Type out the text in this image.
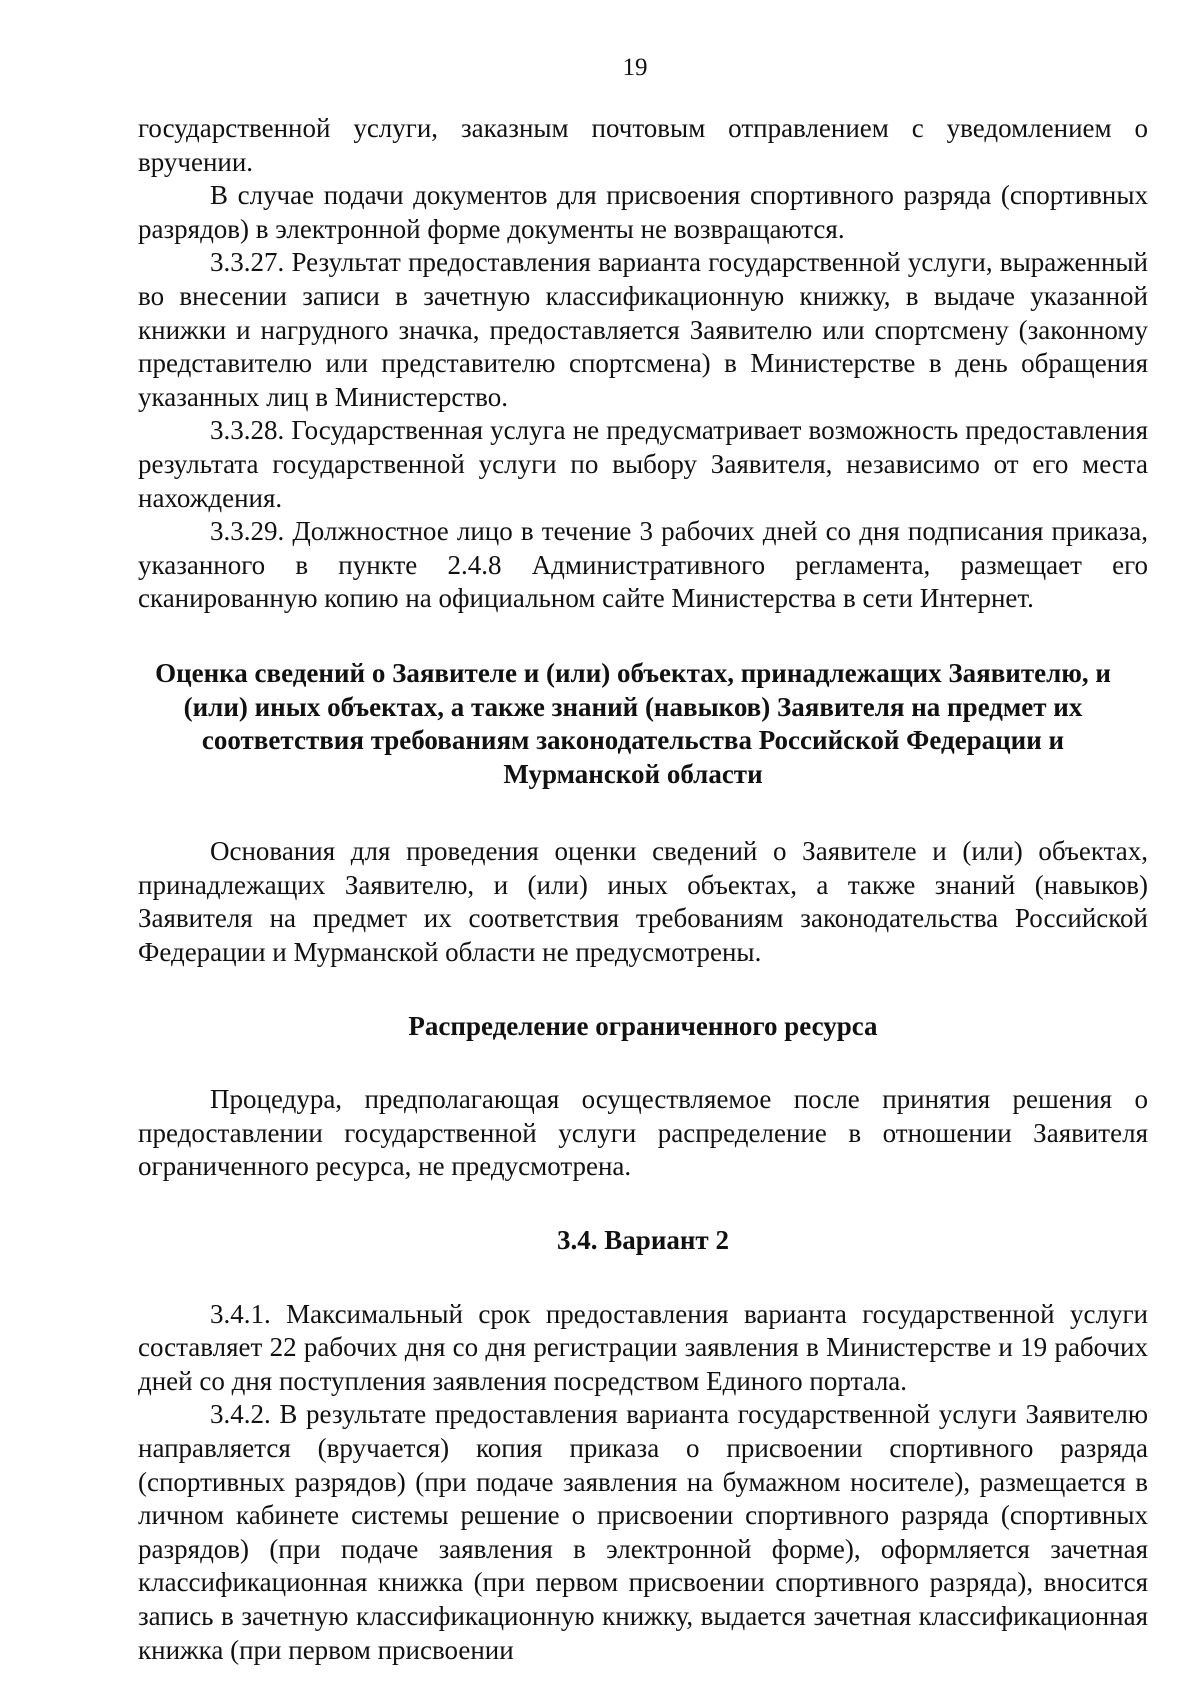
19

государственной услуги, заказным почтовым отправлением с уведомлением о вручении.

В случае подачи документов для присвоения спортивного разряда (спортивных разрядов) в электронной форме документы не возвращаются.

3.3.27. Результат предоставления варианта государственной услуги, выраженный во внесении записи в зачетную классификационную книжку, в выдаче указанной книжки и нагрудного значка, предоставляется Заявителю или спортсмену (законному представителю или представителю спортсмена) в Министерстве в день обращения указанных лиц в Министерство.

3.3.28. Государственная услуга не предусматривает возможность предоставления результата государственной услуги по выбору Заявителя, независимо от его места нахождения.

3.3.29. Должностное лицо в течение 3 рабочих дней со дня подписания приказа, указанного в пункте 2.4.8 Административного регламента, размещает его сканированную копию на официальном сайте Министерства в сети Интернет.

Оценка сведений о Заявителе и (или) объектах, принадлежащих Заявителю, и (или) иных объектах, а также знаний (навыков) Заявителя на предмет их соответствия требованиям законодательства Российской Федерации и Мурманской области

Основания для проведения оценки сведений о Заявителе и (или) объектах, принадлежащих Заявителю, и (или) иных объектах, а также знаний (навыков) Заявителя на предмет их соответствия требованиям законодательства Российской Федерации и Мурманской области не предусмотрены.

Распределение ограниченного ресурса

Процедура, предполагающая осуществляемое после принятия решения о предоставлении государственной услуги распределение в отношении Заявителя ограниченного ресурса, не предусмотрена.

3.4. Вариант 2

3.4.1. Максимальный срок предоставления варианта государственной услуги составляет 22 рабочих дня со дня регистрации заявления в Министерстве и 19 рабочих дней со дня поступления заявления посредством Единого портала.

3.4.2. В результате предоставления варианта государственной услуги Заявителю направляется (вручается) копия приказа о присвоении спортивного разряда (спортивных разрядов) (при подаче заявления на бумажном носителе), размещается в личном кабинете системы решение о присвоении спортивного разряда (спортивных разрядов) (при подаче заявления в электронной форме), оформляется зачетная классификационная книжка (при первом присвоении спортивного разряда), вносится запись в зачетную классификационную книжку, выдается зачетная классификационная книжка (при первом присвоении
